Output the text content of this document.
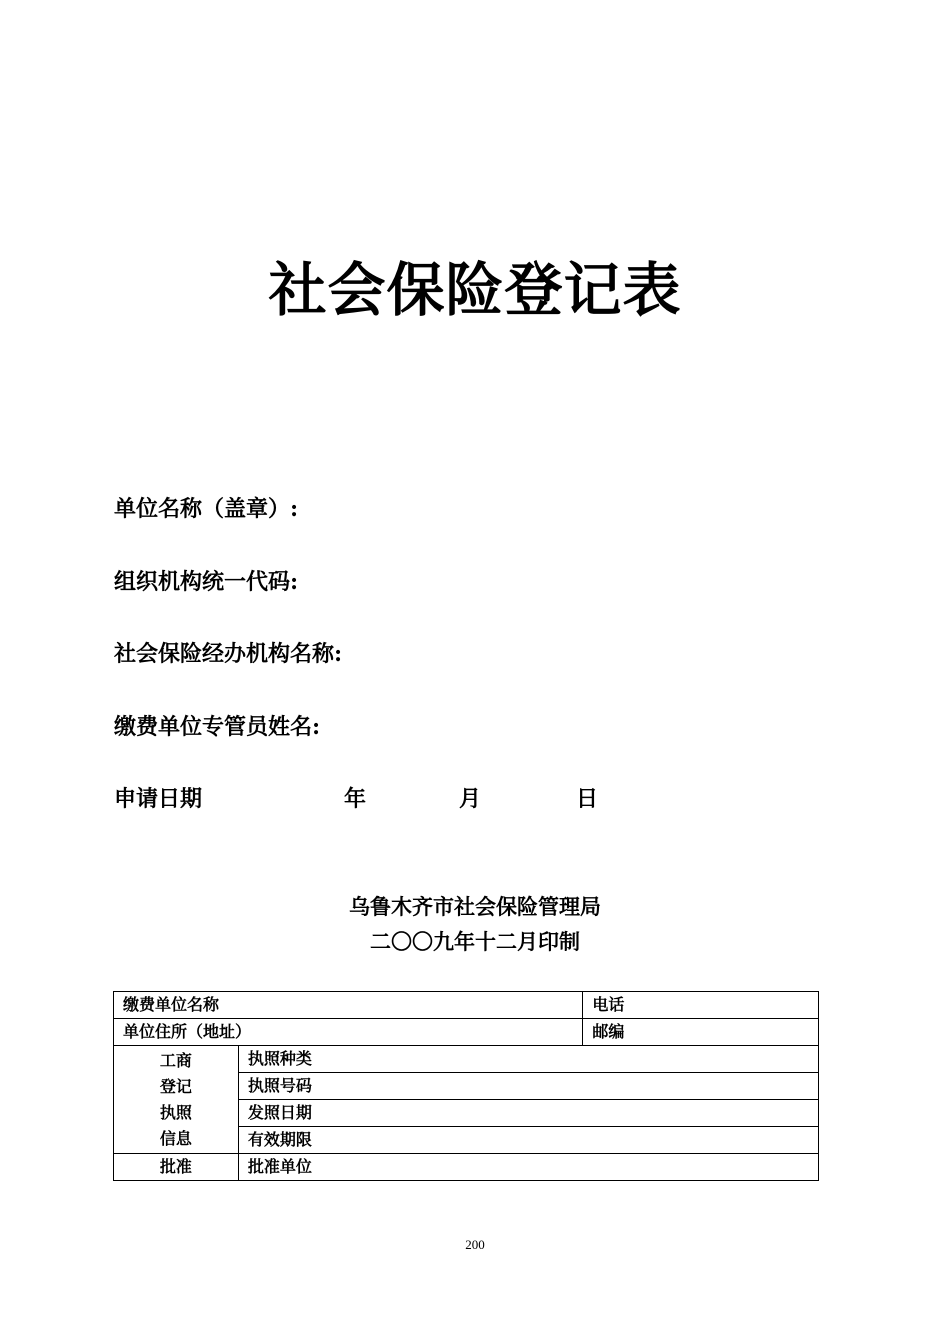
社会保险登记表
单位名称（盖章）:
组织机构统一代码:
社会保险经办机构名称:
缴费单位专管员姓名:
申请日期	年	月	日
乌鲁木齐市社会保险管理局
二〇〇九年十二月印制
缴费单位名称		电话
单位住所（地址）		邮编

工商
登记
执照
信息	执照种类	
	执照号码	
	发照日期	
	有效期限	
批准	批准单位	
200
